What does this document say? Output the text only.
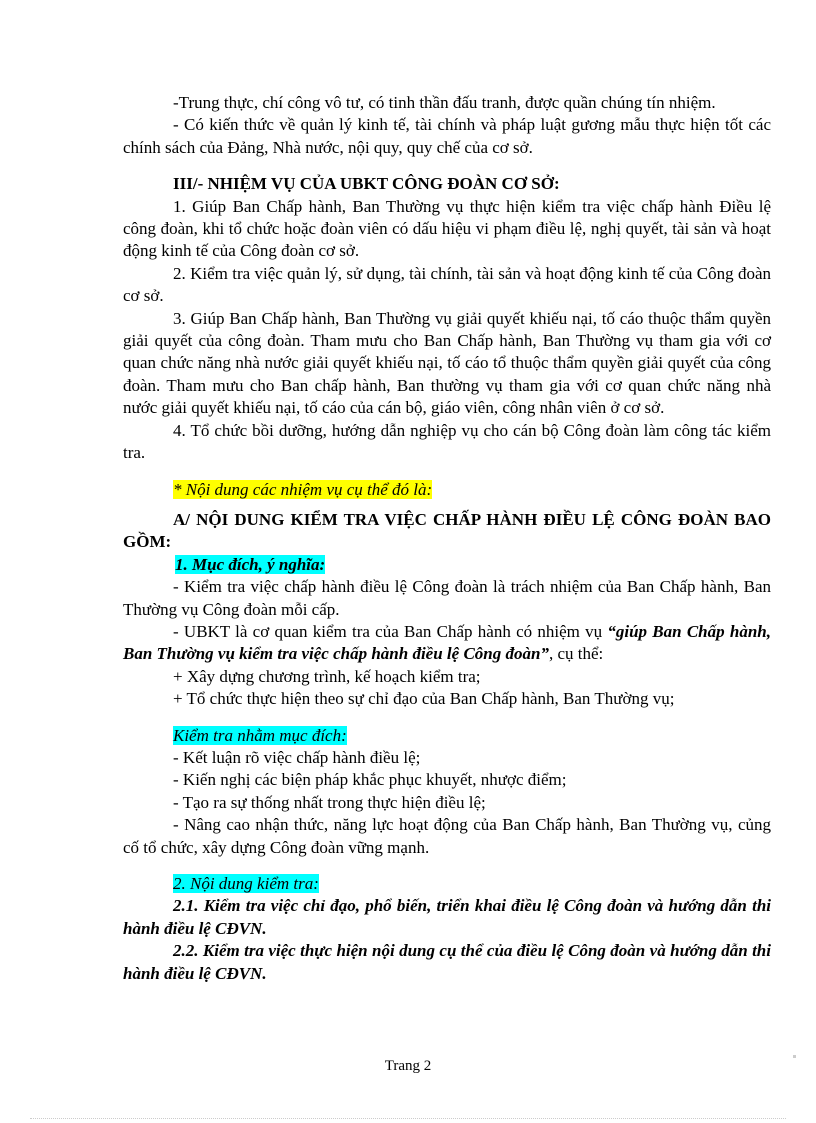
-Trung thực, chí công vô tư, có tinh thần đấu tranh, được quần chúng tín nhiệm.

- Có kiến thức về quản lý kinh tế, tài chính và pháp luật gương mẫu thực hiện tốt các chính sách của Đảng, Nhà nước, nội quy, quy chế của cơ sở.

III/- NHIỆM VỤ CỦA UBKT CÔNG ĐOÀN CƠ SỞ:

1. Giúp Ban Chấp hành, Ban Thường vụ thực hiện kiểm tra việc chấp hành Điều lệ công đoàn, khi tổ chức hoặc đoàn viên có dấu hiệu vi phạm điều lệ, nghị quyết, tài sản và hoạt động kinh tế của Công đoàn cơ sở.

2. Kiểm tra việc quản lý, sử dụng, tài chính, tài sản và hoạt động kinh tế của Công đoàn cơ sở.

3. Giúp Ban Chấp hành, Ban Thường vụ giải quyết khiếu nại, tố cáo thuộc thẩm quyền giải quyết của công đoàn. Tham mưu cho Ban Chấp hành, Ban Thường vụ tham gia với cơ quan chức năng nhà nước giải quyết khiếu nại, tố cáo tổ thuộc thẩm quyền giải quyết của công đoàn. Tham mưu cho Ban chấp hành, Ban thường vụ tham gia với cơ quan chức năng nhà nước giải quyết khiếu nại, tố cáo của cán bộ, giáo viên, công nhân viên ở cơ sở.

4. Tổ chức bồi dưỡng, hướng dẫn nghiệp vụ cho cán bộ Công đoàn làm công tác kiểm tra.

* Nội dung các nhiệm vụ cụ thể đó là:

A/ NỘI DUNG KIỂM TRA VIỆC CHẤP HÀNH ĐIỀU LỆ CÔNG ĐOÀN BAO GỒM:

1. Mục đích, ý nghĩa:

- Kiểm tra việc chấp hành điều lệ Công đoàn là trách nhiệm của Ban Chấp hành, Ban Thường vụ Công đoàn mỗi cấp.

- UBKT là cơ quan kiểm tra của Ban Chấp hành có nhiệm vụ “giúp Ban Chấp hành, Ban Thường vụ kiểm tra việc chấp hành điều lệ Công đoàn”, cụ thể:

+ Xây dựng chương trình, kế hoạch kiểm tra;

+ Tổ chức thực hiện theo sự chỉ đạo của Ban Chấp hành, Ban Thường vụ;

Kiểm tra nhằm mục đích:

- Kết luận rõ việc chấp hành điều lệ;

- Kiến nghị các biện pháp khắc phục khuyết, nhược điểm;

- Tạo ra sự thống nhất trong thực hiện điều lệ;

- Nâng cao nhận thức, năng lực hoạt động của Ban Chấp hành, Ban Thường vụ, củng cố tổ chức, xây dựng Công đoàn vững mạnh.

2. Nội dung kiểm tra:

2.1. Kiểm tra việc chỉ đạo, phổ biến, triển khai điều lệ Công đoàn và hướng dẫn thi hành điều lệ CĐVN.

2.2. Kiểm tra việc thực hiện nội dung cụ thể của điều lệ Công đoàn và hướng dẫn thi hành điều lệ CĐVN.

Trang 2
